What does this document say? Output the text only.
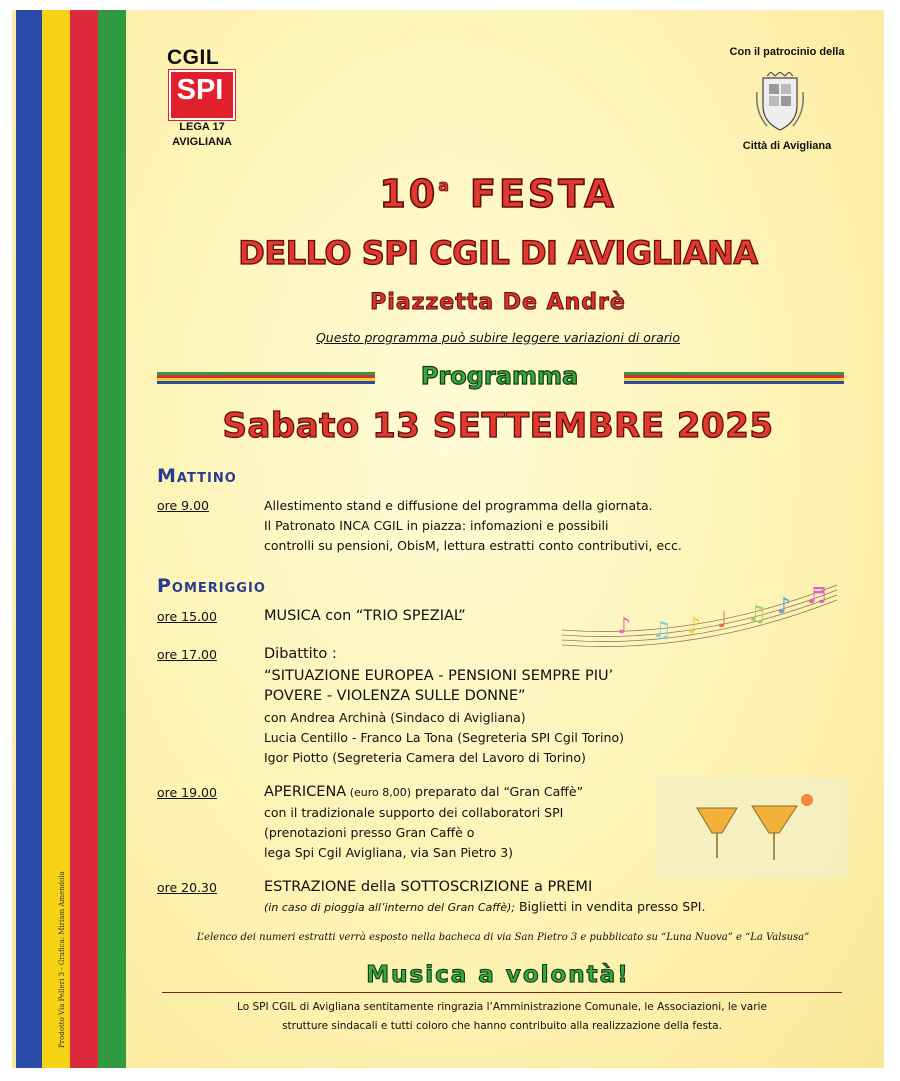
Prodotto Via Pelleri 3 - Grafica: Miriam Amendola
CGIL
SPI
LEGA 17
AVIGLIANA
Con il patrocinio della
Città di Avigliana
10$^a$ FESTA
DELLO SPI CGIL DI AVIGLIANA
Piazzetta De Andrè
Questo programma può subire leggere variazioni di orario
Programma
Sabato 13 SETTEMBRE 2025
Mattino
ore 9.00	Allestimento stand e diffusione del programma della giornata.
Il Patronato INCA CGIL in piazza: infomazioni e possibili
controlli su pensioni, ObisM, lettura estratti conto contributivi, ecc.
Pomeriggio
ore 15.00	MUSICA con “TRIO SPEZIAL”	♪ ♫ ♪ ♩ ♫ ♪ ♬
ore 17.00	Dibattito :
“SITUAZIONE EUROPEA - PENSIONI SEMPRE PIU’
POVERE - VIOLENZA SULLE DONNE”
con Andrea Archinà (Sindaco di Avigliana)
Lucia Centillo - Franco La Tona (Segreteria SPI Cgil Torino)
Igor Piotto (Segreteria Camera del Lavoro di Torino)
ore 19.00	APERICENA (euro 8,00) preparato dal “Gran Caffè”
con il tradizionale supporto dei collaboratori SPI
(prenotazioni presso Gran Caffè o
lega Spi Cgil Avigliana, via San Pietro 3)
ore 20.30	ESTRAZIONE della SOTTOSCRIZIONE a PREMI
(in caso di pioggia all’interno del Gran Caffè); Biglietti in vendita presso SPI.
L’elenco dei numeri estratti verrà esposto nella bacheca di via San Pietro 3 e pubblicato su “Luna Nuova” e “La Valsusa”
Musica a volontà!
Lo SPI CGIL di Avigliana sentitamente ringrazia l’Amministrazione Comunale, le Associazioni, le varie
strutture sindacali e tutti coloro che hanno contribuito alla realizzazione della festa.
